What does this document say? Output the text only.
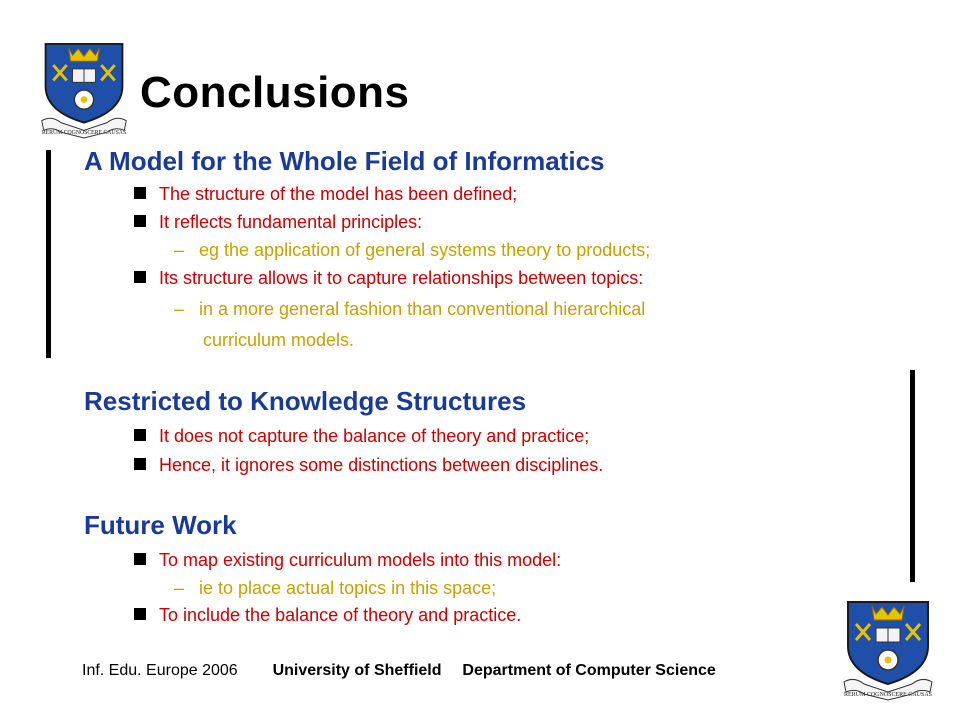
RERUM COGNOSCERE CAUSAS
Conclusions
A Model for the Whole Field of Informatics
The structure of the model has been defined;
It reflects fundamental principles:
– eg the application of general systems theory to products;
Its structure allows it to capture relationships between topics:
– in a more general fashion than conventional hierarchical
curriculum models.
Restricted to Knowledge Structures
It does not capture the balance of theory and practice;
Hence, it ignores some distinctions between disciplines.
Future Work
To map existing curriculum models into this model:
– ie to place actual topics in this space;
To include the balance of theory and practice.
Inf. Edu. Europe 2006 University of Sheffield Department of Computer Science
RERUM COGNOSCERE CAUSAS
